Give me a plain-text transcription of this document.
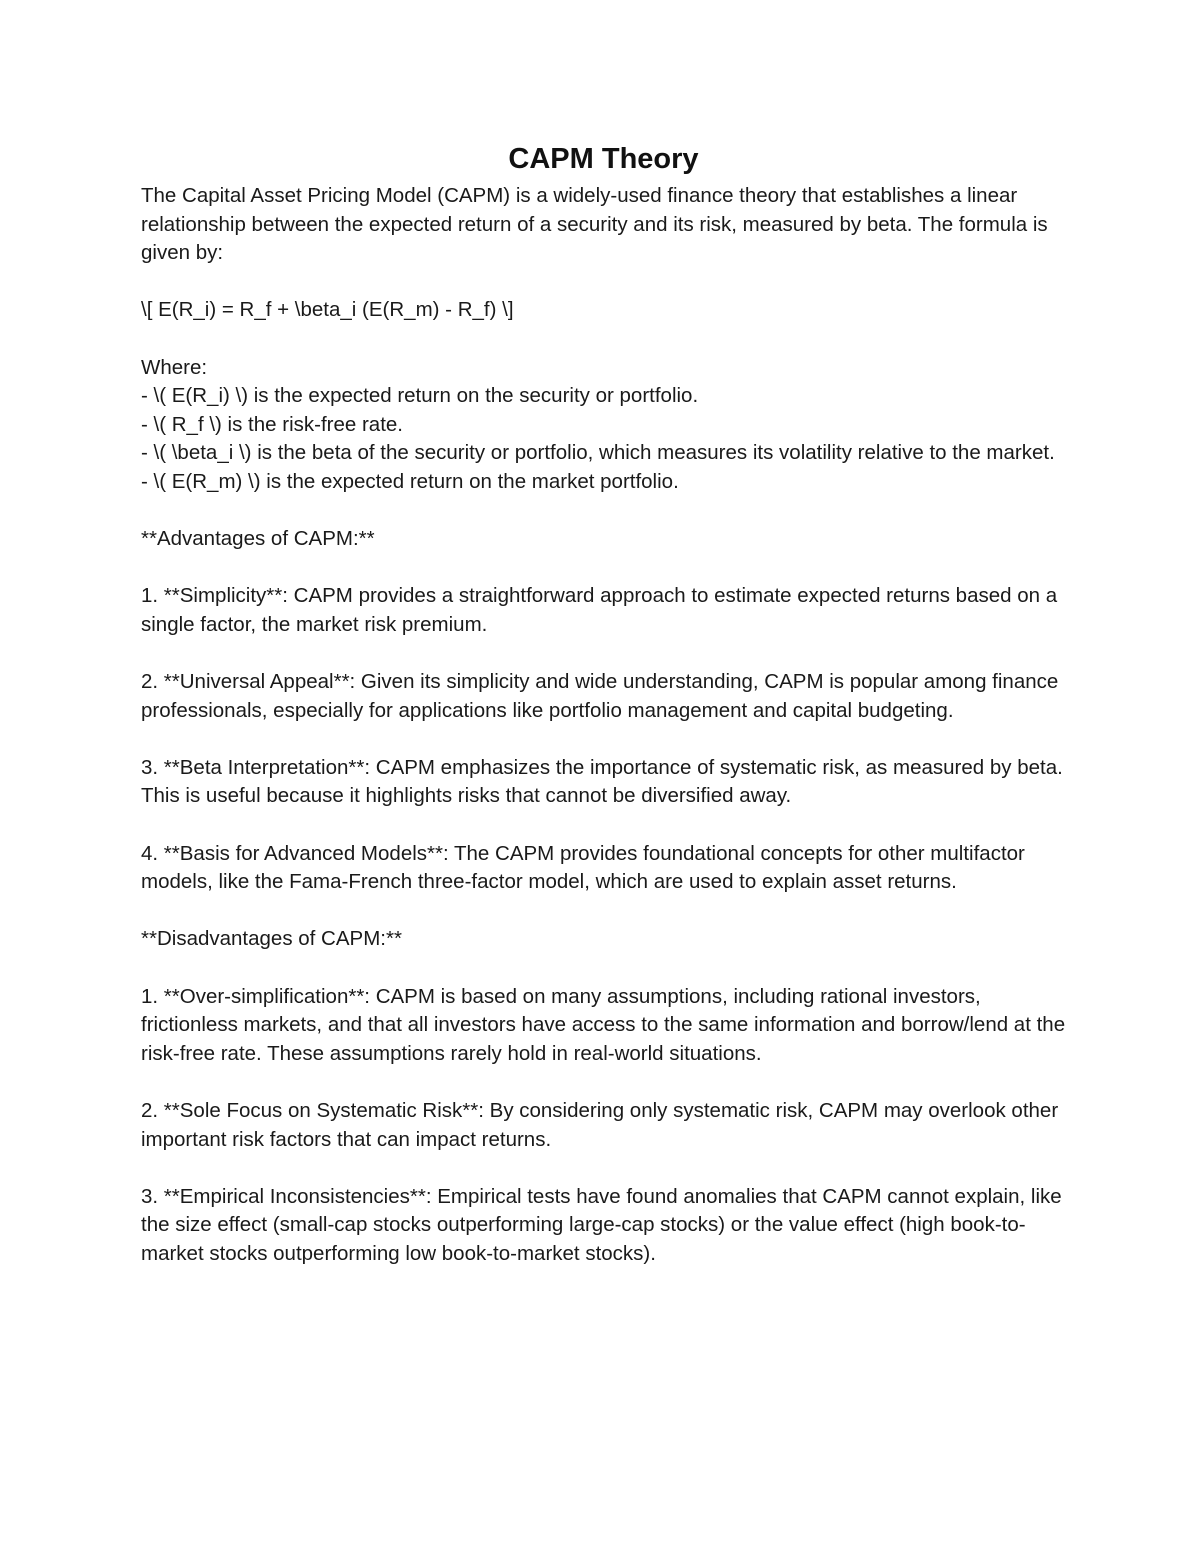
CAPM Theory

The Capital Asset Pricing Model (CAPM) is a widely-used finance theory that establishes a linear relationship between the expected return of a security and its risk, measured by beta. The formula is given by:

\[ E(R_i) = R_f + \beta_i (E(R_m) - R_f) \]

Where:

- \( E(R_i) \) is the expected return on the security or portfolio.

- \( R_f \) is the risk-free rate.

- \( \beta_i \) is the beta of the security or portfolio, which measures its volatility relative to the market.

- \( E(R_m) \) is the expected return on the market portfolio.

**Advantages of CAPM:**

1. **Simplicity**: CAPM provides a straightforward approach to estimate expected returns based on a single factor, the market risk premium.

2. **Universal Appeal**: Given its simplicity and wide understanding, CAPM is popular among finance professionals, especially for applications like portfolio management and capital budgeting.

3. **Beta Interpretation**: CAPM emphasizes the importance of systematic risk, as measured by beta. This is useful because it highlights risks that cannot be diversified away.

4. **Basis for Advanced Models**: The CAPM provides foundational concepts for other multifactor models, like the Fama-French three-factor model, which are used to explain asset returns.

**Disadvantages of CAPM:**

1. **Over-simplification**: CAPM is based on many assumptions, including rational investors, frictionless markets, and that all investors have access to the same information and borrow/lend at the risk-free rate. These assumptions rarely hold in real-world situations.

2. **Sole Focus on Systematic Risk**: By considering only systematic risk, CAPM may overlook other important risk factors that can impact returns.

3. **Empirical Inconsistencies**: Empirical tests have found anomalies that CAPM cannot explain, like the size effect (small-cap stocks outperforming large-cap stocks) or the value effect (high book-to-market stocks outperforming low book-to-market stocks).
